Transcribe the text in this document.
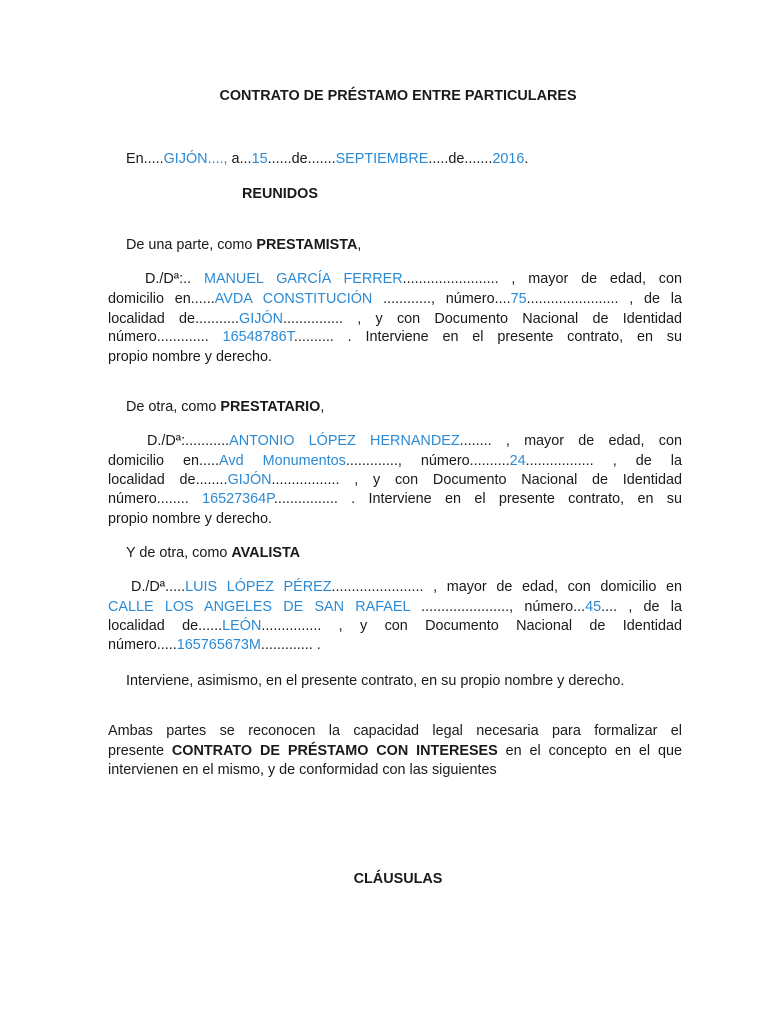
CONTRATO DE PRÉSTAMO ENTRE PARTICULARES
En.....GIJÓN...., a...15......de.......SEPTIEMBRE.....de.......2016.
REUNIDOS
De una parte, como PRESTAMISTA,
D./Dª:.. MANUEL GARCÍA FERRER........................ , mayor de edad, con
domicilio en......AVDA CONSTITUCIÓN ............, número....75....................... , de la
localidad de...........GIJÓN............... , y con Documento Nacional de Identidad
número............. 16548786T.......... . Interviene en el presente contrato, en su
propio nombre y derecho.
De otra, como PRESTATARIO,
D./Dª:...........ANTONIO LÓPEZ HERNANDEZ........ , mayor de edad, con
domicilio en.....Avd Monumentos............., número..........24................. , de la
localidad de........GIJÓN................. , y con Documento Nacional de Identidad
número........ 16527364P................ . Interviene en el presente contrato, en su
propio nombre y derecho.
Y de otra, como AVALISTA
D./Dª.....LUIS LÓPEZ PÉREZ....................... , mayor de edad, con domicilio en
CALLE LOS ANGELES DE SAN RAFAEL ......................, número...45.... , de la
localidad de......LEÓN............... , y con Documento Nacional de Identidad
número.....165765673M............. .
Interviene, asimismo, en el presente contrato, en su propio nombre y derecho.
Ambas partes se reconocen la capacidad legal necesaria para formalizar el
presente CONTRATO DE PRÉSTAMO CON INTERESES en el concepto en el que
intervienen en el mismo, y de conformidad con las siguientes
CLÁUSULAS
